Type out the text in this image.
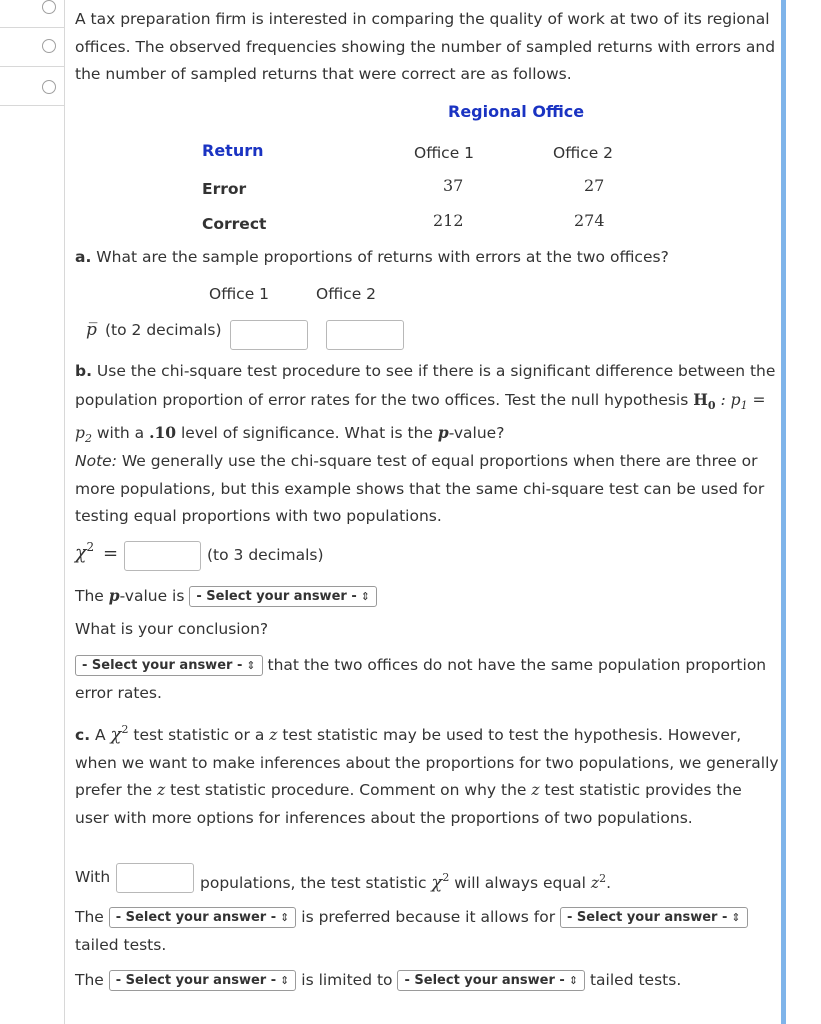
A tax preparation firm is interested in comparing the quality of work at two of its regional offices. The observed frequencies showing the number of sampled returns with errors and the number of sampled returns that were correct are as follows.
Regional Office
Return	Office 1	Office 2
Error	37	27
Correct	212	274
a. What are the sample proportions of returns with errors at the two offices?
Office 1	Office 2
p̅ (to 2 decimals)
b. Use the chi-square test procedure to see if there is a significant difference between the population proportion of error rates for the two offices. Test the null hypothesis $H_0$ : $p_1 = p_2$ with a .10 level of significance. What is the p-value?
Note: We generally use the chi-square test of equal proportions when there are three or more populations, but this example shows that the same chi-square test can be used for testing equal proportions with two populations.
$\chi^2$ =	(to 3 decimals)
The p-value is - Select your answer - ⇕
What is your conclusion?
- Select your answer - ⇕ that the two offices do not have the same population proportion error rates.
c. A $\chi^2$ test statistic or a z test statistic may be used to test the hypothesis. However, when we want to make inferences about the proportions for two populations, we generally prefer the z test statistic procedure. Comment on why the z test statistic provides the user with more options for inferences about the proportions of two populations.
With	populations, the test statistic $\chi^2$ will always equal $z^2$.
The - Select your answer - ⇕ is preferred because it allows for - Select your answer - ⇕ tailed tests.
The - Select your answer - ⇕ is limited to - Select your answer - ⇕ tailed tests.
